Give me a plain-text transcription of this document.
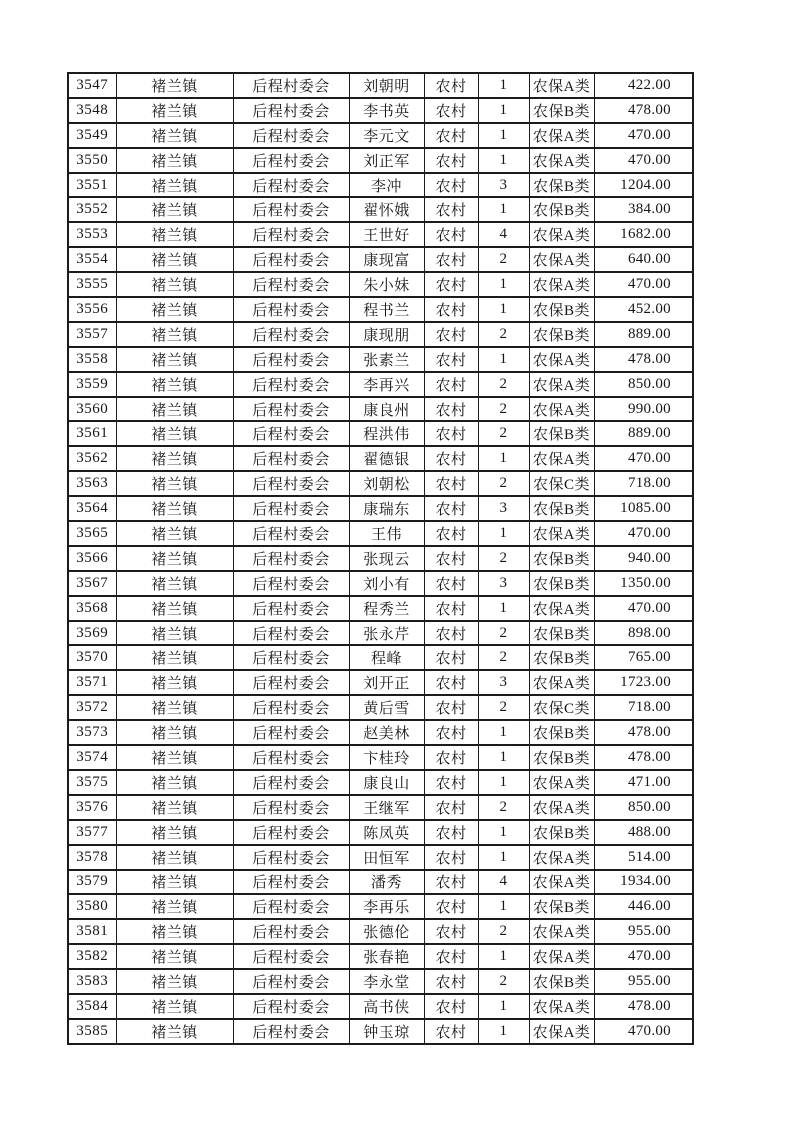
3547	褚兰镇	后程村委会	刘朝明	农村	1	农保A类	422.00
3548	褚兰镇	后程村委会	李书英	农村	1	农保B类	478.00
3549	褚兰镇	后程村委会	李元文	农村	1	农保A类	470.00
3550	褚兰镇	后程村委会	刘正军	农村	1	农保A类	470.00
3551	褚兰镇	后程村委会	李冲	农村	3	农保B类	1204.00
3552	褚兰镇	后程村委会	翟怀娥	农村	1	农保B类	384.00
3553	褚兰镇	后程村委会	王世好	农村	4	农保A类	1682.00
3554	褚兰镇	后程村委会	康现富	农村	2	农保A类	640.00
3555	褚兰镇	后程村委会	朱小妹	农村	1	农保A类	470.00
3556	褚兰镇	后程村委会	程书兰	农村	1	农保B类	452.00
3557	褚兰镇	后程村委会	康现朋	农村	2	农保B类	889.00
3558	褚兰镇	后程村委会	张素兰	农村	1	农保A类	478.00
3559	褚兰镇	后程村委会	李再兴	农村	2	农保A类	850.00
3560	褚兰镇	后程村委会	康良州	农村	2	农保A类	990.00
3561	褚兰镇	后程村委会	程洪伟	农村	2	农保B类	889.00
3562	褚兰镇	后程村委会	翟德银	农村	1	农保A类	470.00
3563	褚兰镇	后程村委会	刘朝松	农村	2	农保C类	718.00
3564	褚兰镇	后程村委会	康瑞东	农村	3	农保B类	1085.00
3565	褚兰镇	后程村委会	王伟	农村	1	农保A类	470.00
3566	褚兰镇	后程村委会	张现云	农村	2	农保B类	940.00
3567	褚兰镇	后程村委会	刘小有	农村	3	农保B类	1350.00
3568	褚兰镇	后程村委会	程秀兰	农村	1	农保A类	470.00
3569	褚兰镇	后程村委会	张永芹	农村	2	农保B类	898.00
3570	褚兰镇	后程村委会	程峰	农村	2	农保B类	765.00
3571	褚兰镇	后程村委会	刘开正	农村	3	农保A类	1723.00
3572	褚兰镇	后程村委会	黄后雪	农村	2	农保C类	718.00
3573	褚兰镇	后程村委会	赵美林	农村	1	农保B类	478.00
3574	褚兰镇	后程村委会	卞桂玲	农村	1	农保B类	478.00
3575	褚兰镇	后程村委会	康良山	农村	1	农保A类	471.00
3576	褚兰镇	后程村委会	王继军	农村	2	农保A类	850.00
3577	褚兰镇	后程村委会	陈凤英	农村	1	农保B类	488.00
3578	褚兰镇	后程村委会	田恒军	农村	1	农保A类	514.00
3579	褚兰镇	后程村委会	潘秀	农村	4	农保A类	1934.00
3580	褚兰镇	后程村委会	李再乐	农村	1	农保B类	446.00
3581	褚兰镇	后程村委会	张德伦	农村	2	农保A类	955.00
3582	褚兰镇	后程村委会	张春艳	农村	1	农保A类	470.00
3583	褚兰镇	后程村委会	李永堂	农村	2	农保B类	955.00
3584	褚兰镇	后程村委会	高书侠	农村	1	农保A类	478.00
3585	褚兰镇	后程村委会	钟玉琼	农村	1	农保A类	470.00
